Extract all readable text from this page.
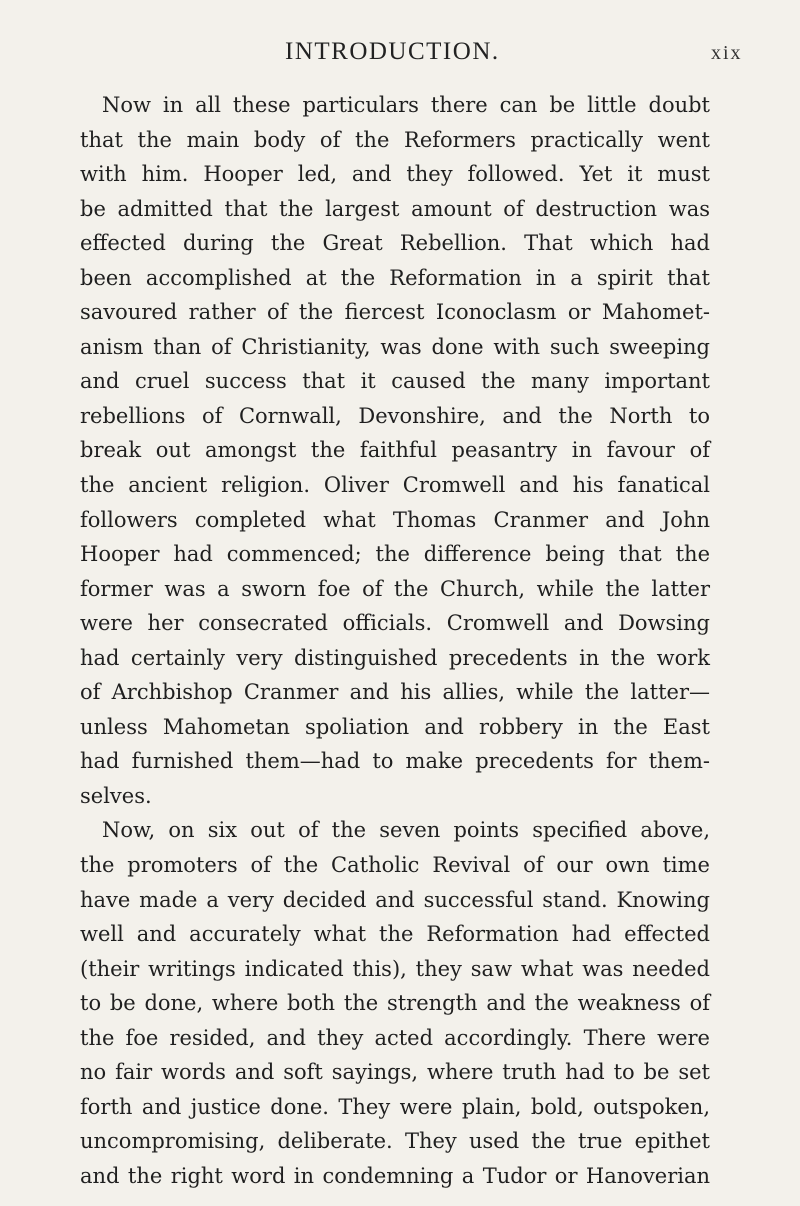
INTRODUCTION.	xix
Now in all these particulars there can be little doubt
that the main body of the Reformers practically went
with him. Hooper led, and they followed. Yet it must
be admitted that the largest amount of destruction was
effected during the Great Rebellion. That which had
been accomplished at the Reformation in a spirit that
savoured rather of the fiercest Iconoclasm or Mahomet-
anism than of Christianity, was done with such sweeping
and cruel success that it caused the many important
rebellions of Cornwall, Devonshire, and the North to
break out amongst the faithful peasantry in favour of
the ancient religion. Oliver Cromwell and his fanatical
followers completed what Thomas Cranmer and John
Hooper had commenced; the difference being that the
former was a sworn foe of the Church, while the latter
were her consecrated officials. Cromwell and Dowsing
had certainly very distinguished precedents in the work
of Archbishop Cranmer and his allies, while the latter—
unless Mahometan spoliation and robbery in the East
had furnished them—had to make precedents for them-
selves.
Now, on six out of the seven points specified above,
the promoters of the Catholic Revival of our own time
have made a very decided and successful stand. Knowing
well and accurately what the Reformation had effected
(their writings indicated this), they saw what was needed
to be done, where both the strength and the weakness of
the foe resided, and they acted accordingly. There were
no fair words and soft sayings, where truth had to be set
forth and justice done. They were plain, bold, outspoken,
uncompromising, deliberate. They used the true epithet
and the right word in condemning a Tudor or Hanoverian
